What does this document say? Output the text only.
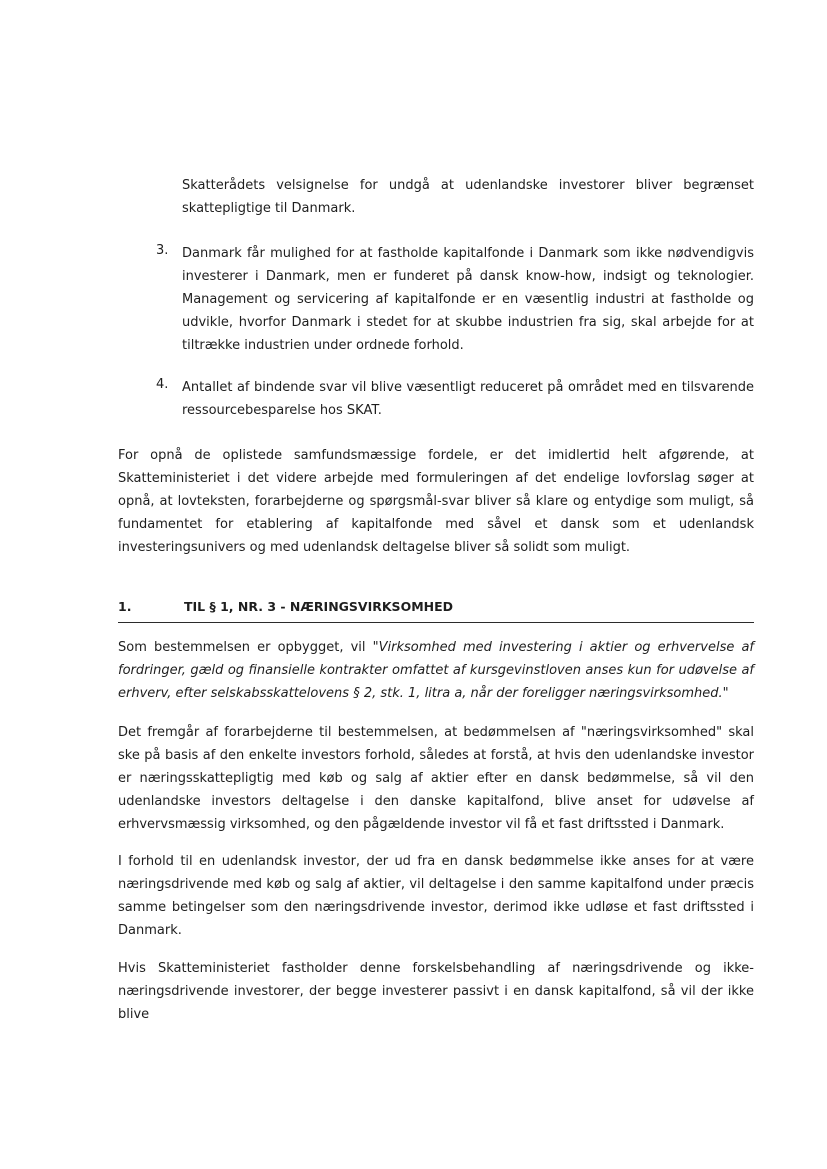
Skatterådets velsignelse for undgå at udenlandske investorer bliver begrænset skattepligtige til Danmark.
3. Danmark får mulighed for at fastholde kapitalfonde i Danmark som ikke nødvendigvis investerer i Danmark, men er funderet på dansk know-how, indsigt og teknologier. Management og servicering af kapitalfonde er en væsentlig industri at fastholde og udvikle, hvorfor Danmark i stedet for at skubbe industrien fra sig, skal arbejde for at tiltrække industrien under ordnede forhold.
4. Antallet af bindende svar vil blive væsentligt reduceret på området med en tilsvarende ressourcebesparelse hos SKAT.
For opnå de oplistede samfundsmæssige fordele, er det imidlertid helt afgørende, at Skatteministeriet i det videre arbejde med formuleringen af det endelige lovforslag søger at opnå, at lovteksten, forarbejderne og spørgsmål-svar bliver så klare og entydige som muligt, så fundamentet for etablering af kapitalfonde med såvel et dansk som et udenlandsk investeringsunivers og med udenlandsk deltagelse bliver så solidt som muligt.
1.	TIL § 1, NR. 3 - NÆRINGSVIRKSOMHED
Som bestemmelsen er opbygget, vil "Virksomhed med investering i aktier og erhvervelse af fordringer, gæld og finansielle kontrakter omfattet af kursgevinstloven anses kun for udøvelse af erhverv, efter selskabsskattelovens § 2, stk. 1, litra a, når der foreligger næringsvirksomhed."
Det fremgår af forarbejderne til bestemmelsen, at bedømmelsen af "næringsvirksomhed" skal ske på basis af den enkelte investors forhold, således at forstå, at hvis den udenlandske investor er næringsskattepligtig med køb og salg af aktier efter en dansk bedømmelse, så vil den udenlandske investors deltagelse i den danske kapitalfond, blive anset for udøvelse af erhvervsmæssig virksomhed, og den pågældende investor vil få et fast driftssted i Danmark.
I forhold til en udenlandsk investor, der ud fra en dansk bedømmelse ikke anses for at være næringsdrivende med køb og salg af aktier, vil deltagelse i den samme kapitalfond under præcis samme betingelser som den næringsdrivende investor, derimod ikke udløse et fast driftssted i Danmark.
Hvis Skatteministeriet fastholder denne forskelsbehandling af næringsdrivende og ikke-næringsdrivende investorer, der begge investerer passivt i en dansk kapitalfond, så vil der ikke blive
